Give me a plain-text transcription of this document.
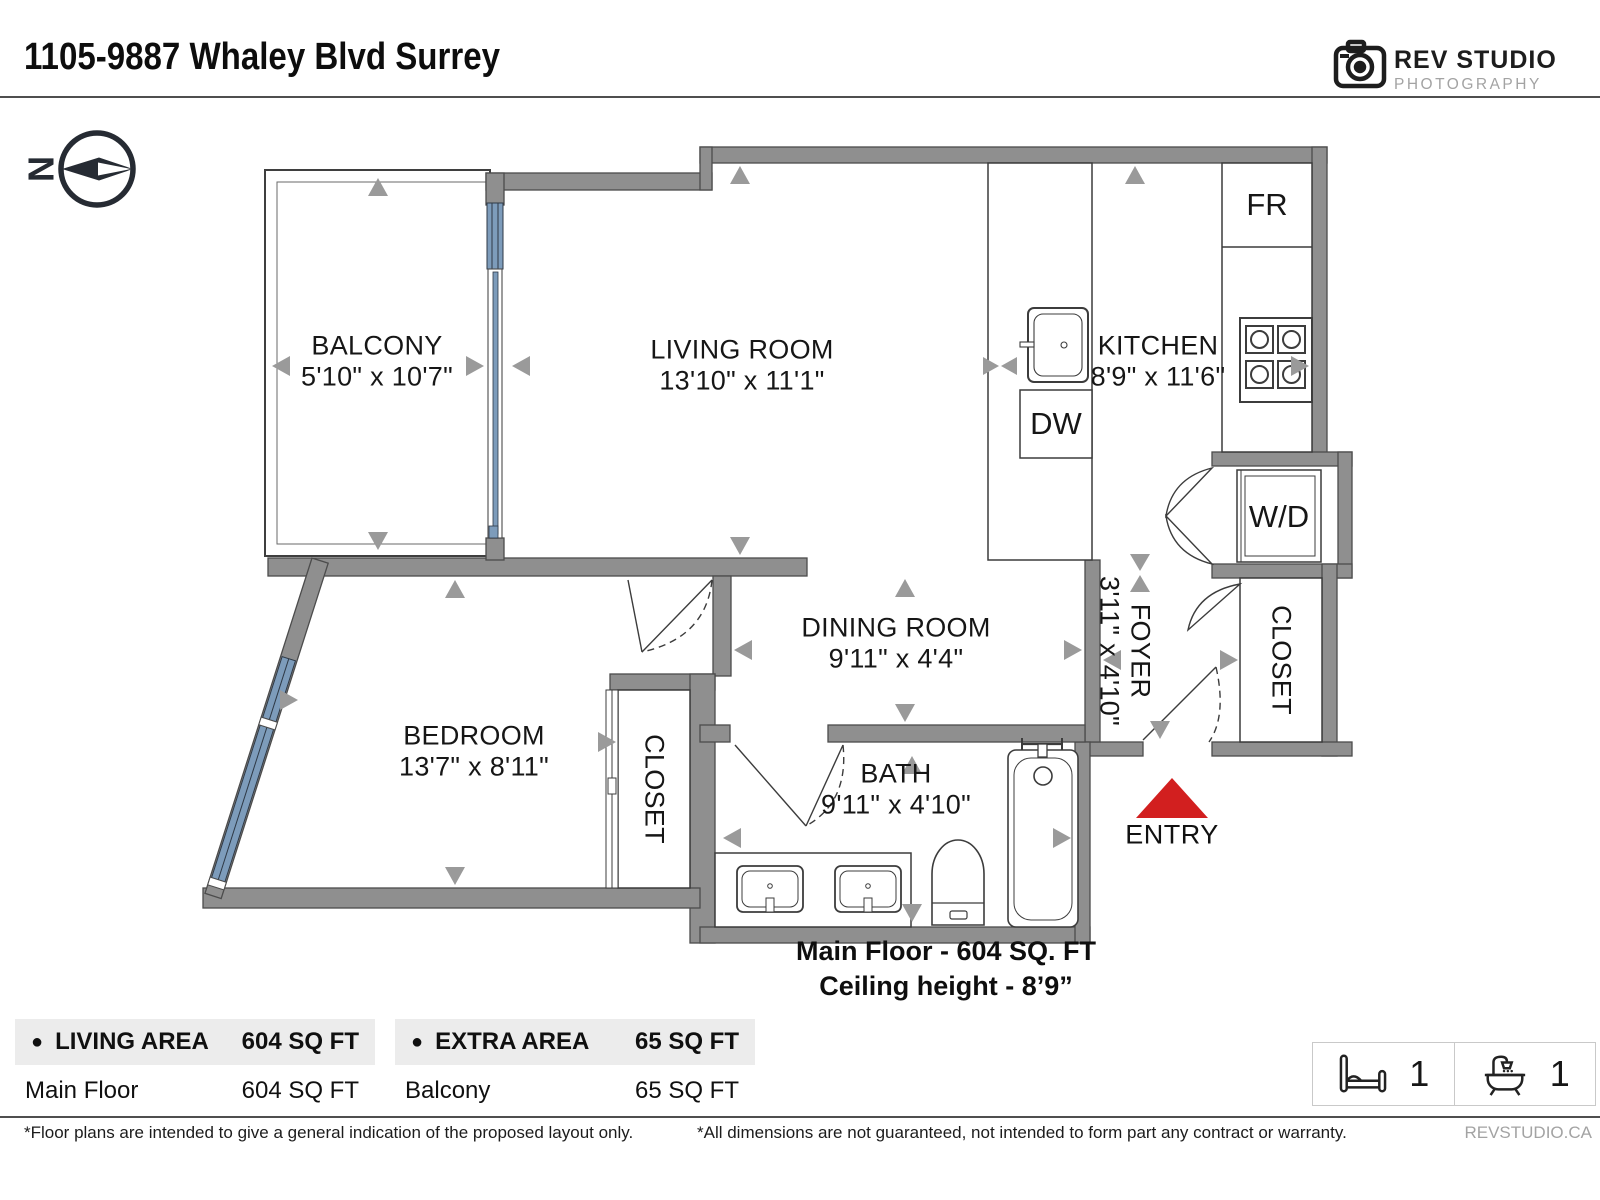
1105-9887 Whaley Blvd Surrey	REV STUDIO
PHOTOGRAPHY
N
BALCONY
5'10" x 10'7"
LIVING ROOM
13'10" x 11'1"
KITCHEN
8'9" x 11'6"
DINING ROOM
9'11" x 4'4"	FOYER
3'11" x 4'10"	CLOSET
BEDROOM
13'7" x 8'11"	CLOSET	BATH
9'11" x 4'10"
FR
DW
W/D
ENTRY
Main Floor - 604 SQ. FT
Ceiling height - 8’9”
● LIVING AREA 604 SQ FT
Main Floor	604 SQ FT
● EXTRA AREA 65 SQ FT
Balcony	65 SQ FT	1	1
*Floor plans are intended to give a general indication of the proposed layout only.	*All dimensions are not guaranteed, not intended to form part any contract or warranty.	REVSTUDIO.CA
